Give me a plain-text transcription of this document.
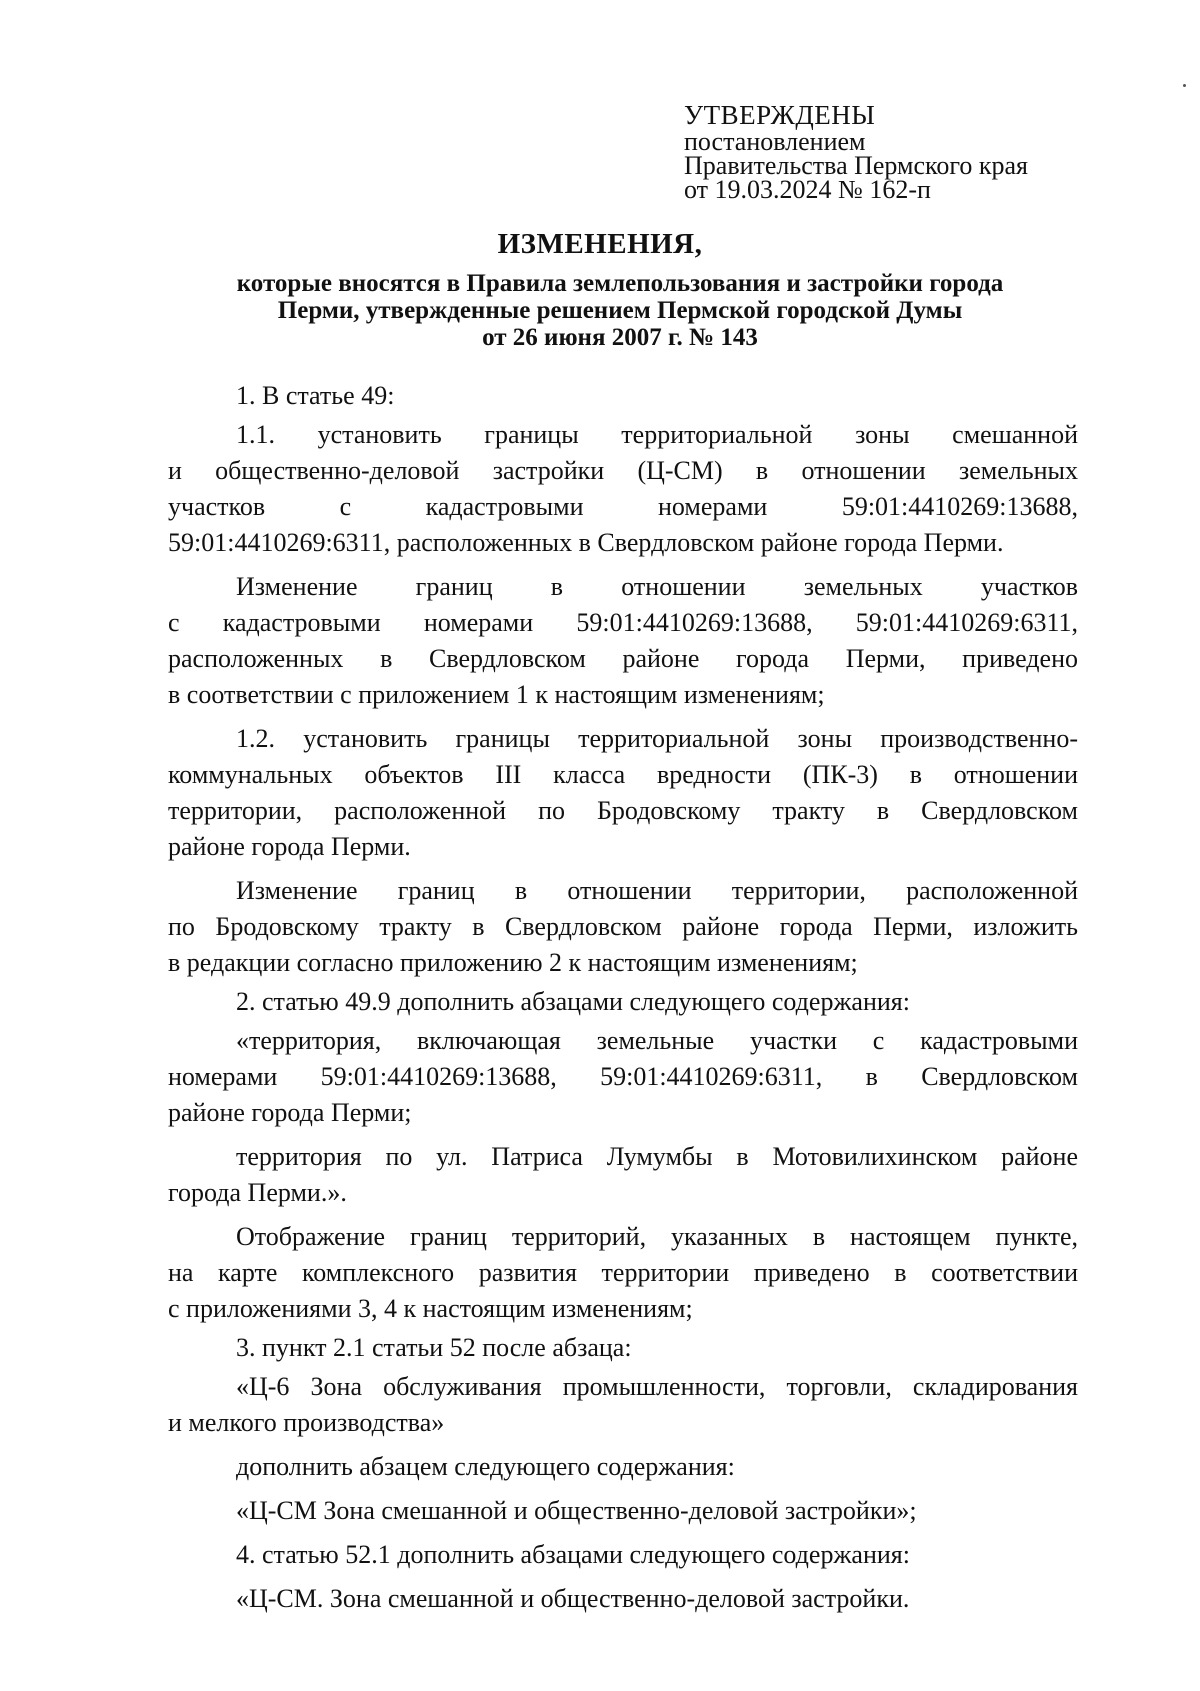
УТВЕРЖДЕНЫ
постановлением
Правительства Пермского края
от 19.03.2024 № 162-п
ИЗМЕНЕНИЯ,
которые вносятся в Правила землепользования и застройки города
Перми, утвержденные решением Пермской городской Думы
от 26 июня 2007 г. № 143

1. В статье 49:

1.1. установить границы территориальной зоны смешанной

и общественно-деловой застройки (Ц-СМ) в отношении земельных

участков с кадастровыми номерами 59:01:4410269:13688,

59:01:4410269:6311, расположенных в Свердловском районе города Перми.

Изменение границ в отношении земельных участков

с кадастровыми номерами 59:01:4410269:13688, 59:01:4410269:6311,

расположенных в Свердловском районе города Перми, приведено

в соответствии с приложением 1 к настоящим изменениям;

1.2. установить границы территориальной зоны производственно-

коммунальных объектов III класса вредности (ПК-3) в отношении

территории, расположенной по Бродовскому тракту в Свердловском

районе города Перми.

Изменение границ в отношении территории, расположенной

по Бродовскому тракту в Свердловском районе города Перми, изложить

в редакции согласно приложению 2 к настоящим изменениям;

2. статью 49.9 дополнить абзацами следующего содержания:

«территория, включающая земельные участки с кадастровыми

номерами 59:01:4410269:13688, 59:01:4410269:6311, в Свердловском

районе города Перми;

территория по ул. Патриса Лумумбы в Мотовилихинском районе

города Перми.».

Отображение границ территорий, указанных в настоящем пункте,

на карте комплексного развития территории приведено в соответствии

с приложениями 3, 4 к настоящим изменениям;

3. пункт 2.1 статьи 52 после абзаца:

«Ц-6 Зона обслуживания промышленности, торговли, складирования

и мелкого производства»

дополнить абзацем следующего содержания:

«Ц-СМ Зона смешанной и общественно-деловой застройки»;

4. статью 52.1 дополнить абзацами следующего содержания:

«Ц-СМ. Зона смешанной и общественно-деловой застройки.
